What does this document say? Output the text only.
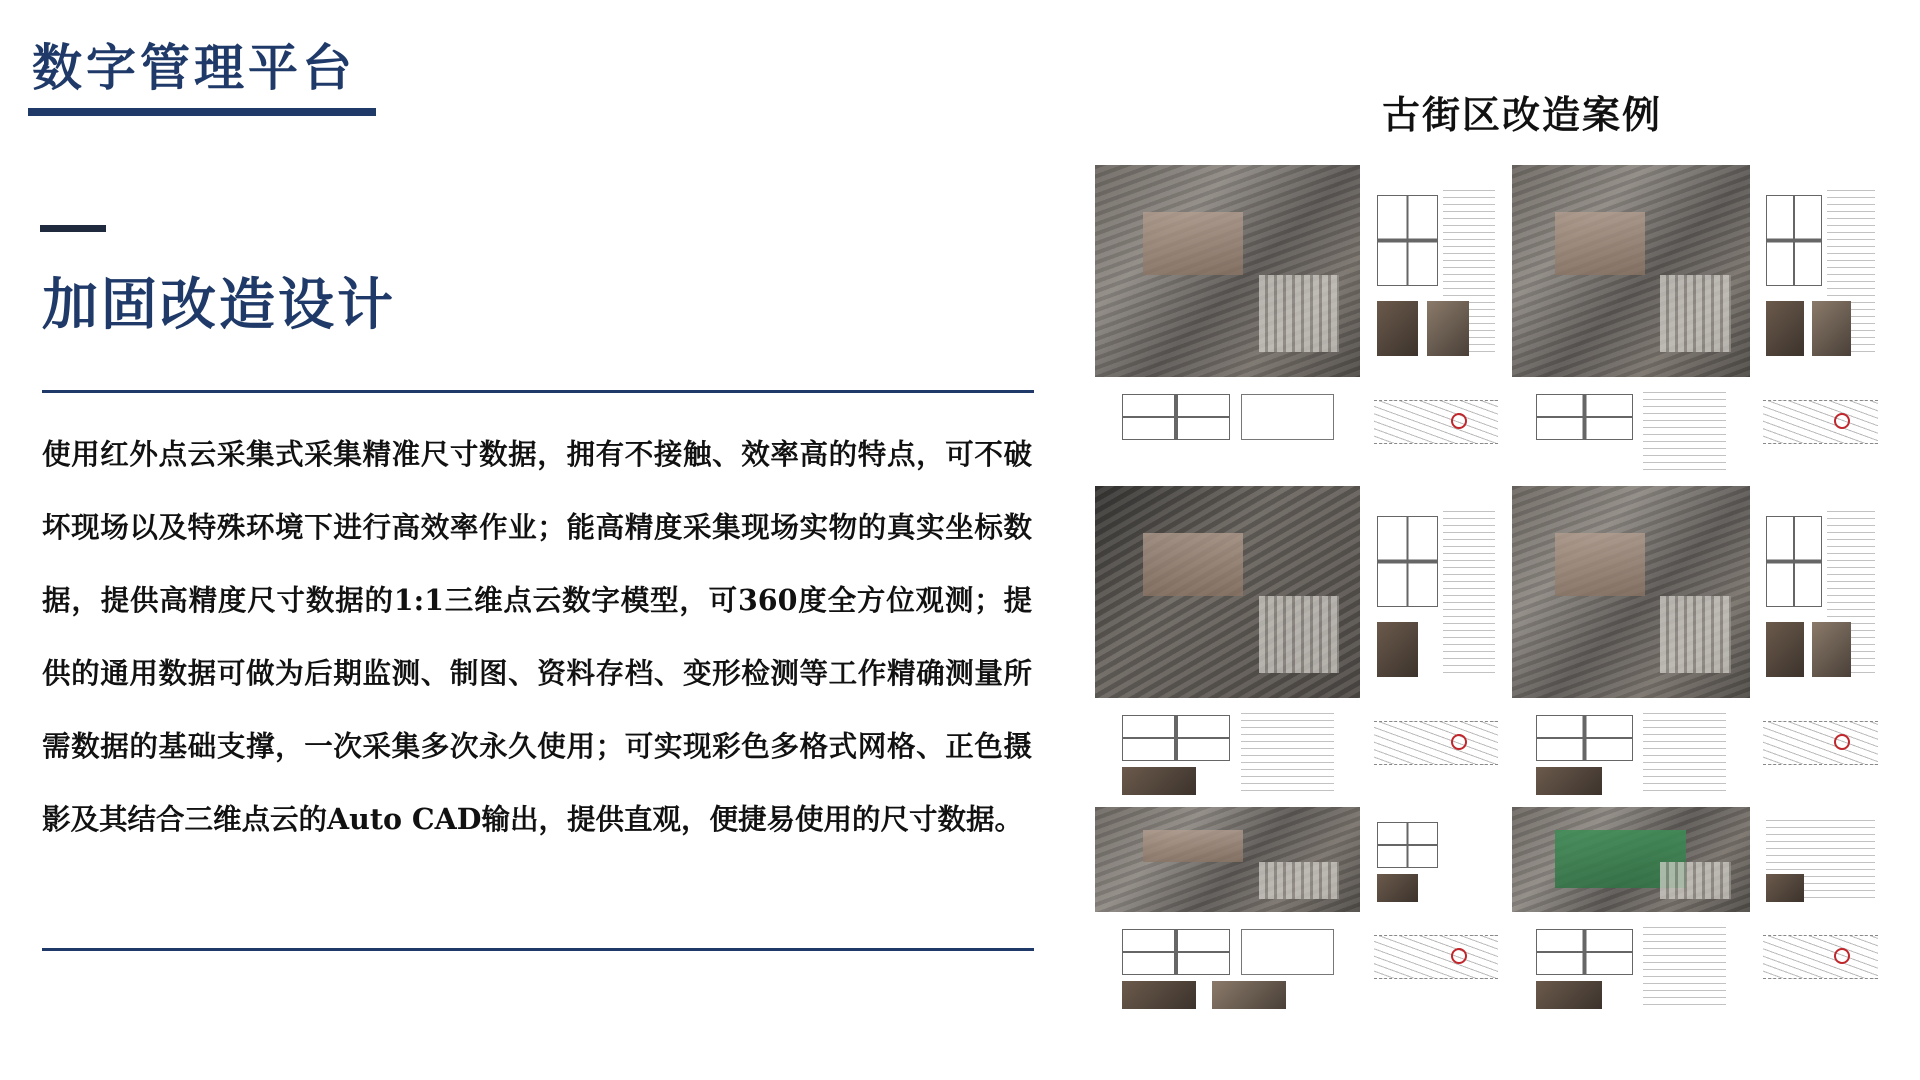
数字管理平台
加固改造设计
使用红外点云采集式采集精准尺寸数据，拥有不接触、效率高的特点，可不破坏现场以及特殊环境下进行高效率作业；能高精度采集现场实物的真实坐标数据，提供高精度尺寸数据的1:1三维点云数字模型，可360度全方位观测；提供的通用数据可做为后期监测、制图、资料存档、变形检测等工作精确测量所需数据的基础支撑，一次采集多次永久使用；可实现彩色多格式网格、正色摄影及其结合三维点云的Auto CAD输出，提供直观，便捷易使用的尺寸数据。
古街区改造案例
